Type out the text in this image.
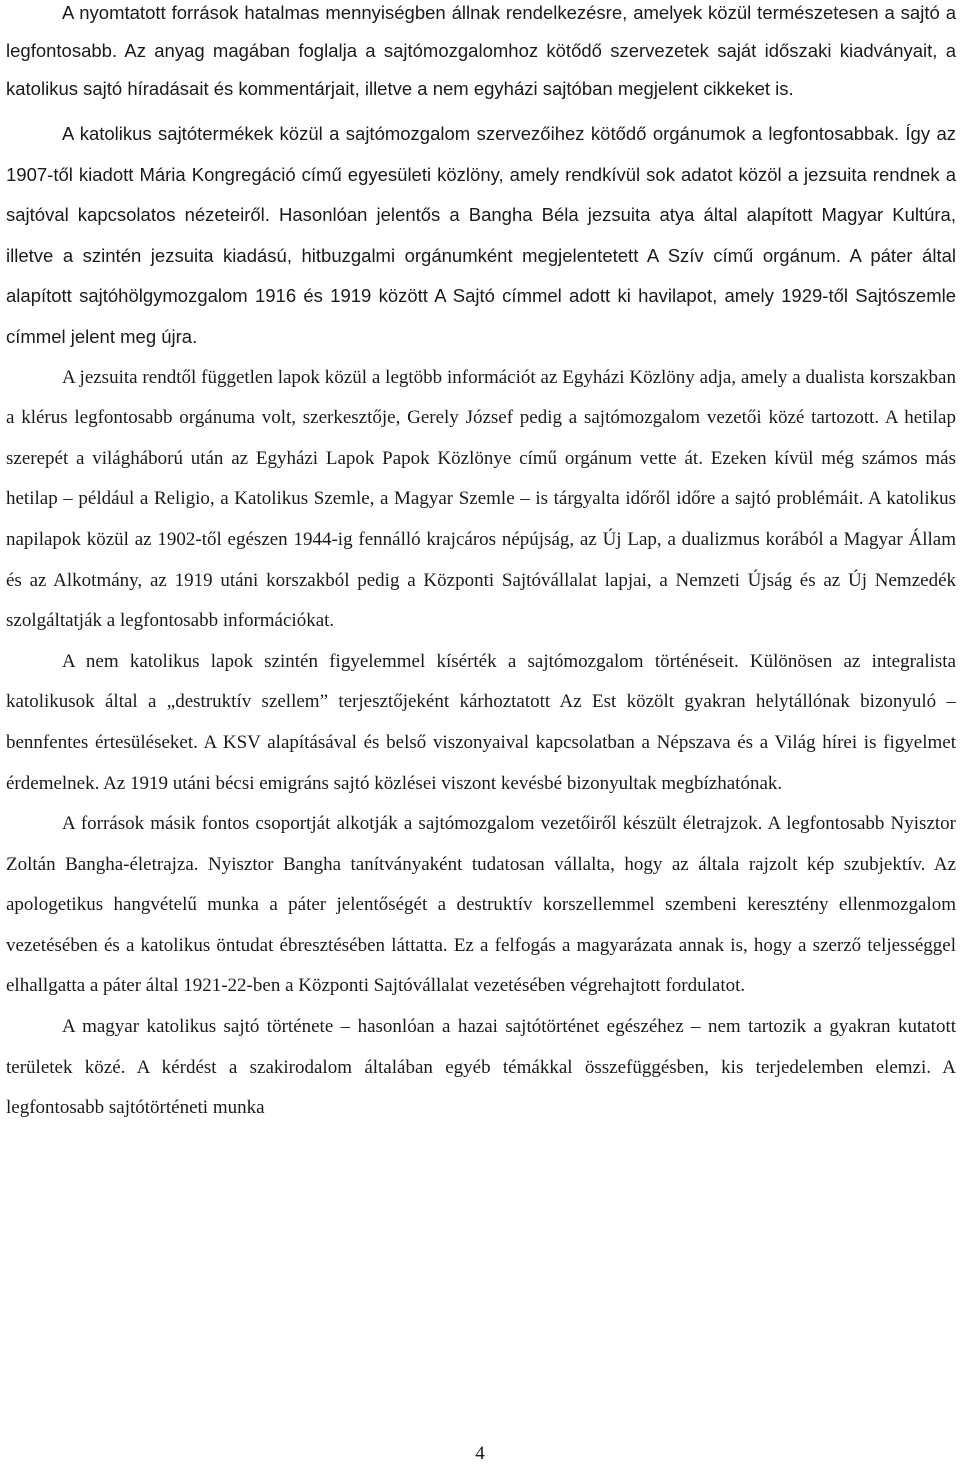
A nyomtatott források hatalmas mennyiségben állnak rendelkezésre, amelyek közül természetesen a sajtó a legfontosabb. Az anyag magában foglalja a sajtómozgalomhoz kötődő szervezetek saját időszaki kiadványait, a katolikus sajtó híradásait és kommentárjait, illetve a nem egyházi sajtóban megjelent cikkeket is.

A katolikus sajtótermékek közül a sajtómozgalom szervezőihez kötődő orgánumok a legfontosabbak. Így az 1907-től kiadott Mária Kongregáció című egyesületi közlöny, amely rendkívül sok adatot közöl a jezsuita rendnek a sajtóval kapcsolatos nézeteiről. Hasonlóan jelentős a Bangha Béla jezsuita atya által alapított Magyar Kultúra, illetve a szintén jezsuita kiadású, hitbuzgalmi orgánumként megjelentetett A Szív című orgánum. A páter által alapított sajtóhölgymozgalom 1916 és 1919 között A Sajtó címmel adott ki havilapot, amely 1929-től Sajtószemle címmel jelent meg újra.

A jezsuita rendtől független lapok közül a legtöbb információt az Egyházi Közlöny adja, amely a dualista korszakban a klérus legfontosabb orgánuma volt, szerkesztője, Gerely József pedig a sajtómozgalom vezetői közé tartozott. A hetilap szerepét a világháború után az Egyházi Lapok Papok Közlönye című orgánum vette át. Ezeken kívül még számos más hetilap – például a Religio, a Katolikus Szemle, a Magyar Szemle – is tárgyalta időről időre a sajtó problémáit. A katolikus napilapok közül az 1902-től egészen 1944-ig fennálló krajcáros népújság, az Új Lap, a dualizmus korából a Magyar Állam és az Alkotmány, az 1919 utáni korszakból pedig a Központi Sajtóvállalat lapjai, a Nemzeti Újság és az Új Nemzedék szolgáltatják a legfontosabb információkat.

A nem katolikus lapok szintén figyelemmel kísérték a sajtómozgalom történéseit. Különösen az integralista katolikusok által a „destruktív szellem” terjesztőjeként kárhoztatott Az Est közölt gyakran helytállónak bizonyuló – bennfentes értesüléseket. A KSV alapításával és belső viszonyaival kapcsolatban a Népszava és a Világ hírei is figyelmet érdemelnek. Az 1919 utáni bécsi emigráns sajtó közlései viszont kevésbé bizonyultak megbízhatónak.

A források másik fontos csoportját alkotják a sajtómozgalom vezetőiről készült életrajzok. A legfontosabb Nyisztor Zoltán Bangha-életrajza. Nyisztor Bangha tanítványaként tudatosan vállalta, hogy az általa rajzolt kép szubjektív. Az apologetikus hangvételű munka a páter jelentőségét a destruktív korszellemmel szembeni keresztény ellenmozgalom vezetésében és a katolikus öntudat ébresztésében láttatta. Ez a felfogás a magyarázata annak is, hogy a szerző teljességgel elhallgatta a páter által 1921-22-ben a Központi Sajtóvállalat vezetésében végrehajtott fordulatot.

A magyar katolikus sajtó története – hasonlóan a hazai sajtótörténet egészéhez – nem tartozik a gyakran kutatott területek közé. A kérdést a szakirodalom általában egyéb témákkal összefüggésben, kis terjedelemben elemzi. A legfontosabb sajtótörténeti munka

4
